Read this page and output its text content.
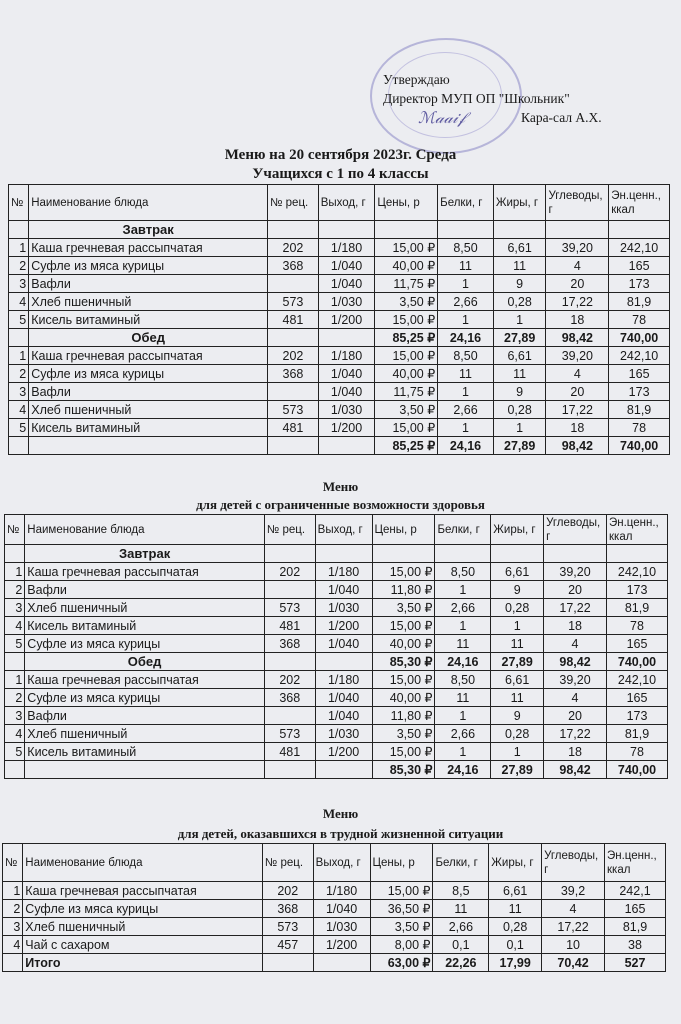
ℳ𝒶𝒶𝒾𝒻
Утверждаю
Директор МУП ОП "Школьник"
Кара-сал А.Х.
Меню на 20 сентября 2023г. Среда
Учащихся с 1 по 4 классы
№	Наименование блюда	№ рец.	Выход, г	Цены, р	Белки, г	Жиры, г	Углеводы, г	Эн.ценн., ккал
	Завтрак							
1	Каша гречневая рассыпчатая	202	1/180	15,00 ₽	8,50	6,61	39,20	242,10
2	Суфле из мяса курицы	368	1/040	40,00 ₽	11	11	4	165
3	Вафли		1/040	11,75 ₽	1	9	20	173
4	Хлеб пшеничный	573	1/030	3,50 ₽	2,66	0,28	17,22	81,9
5	Кисель витаминый	481	1/200	15,00 ₽	1	1	18	78
	Обед			85,25 ₽	24,16	27,89	98,42	740,00
1	Каша гречневая рассыпчатая	202	1/180	15,00 ₽	8,50	6,61	39,20	242,10
2	Суфле из мяса курицы	368	1/040	40,00 ₽	11	11	4	165
3	Вафли		1/040	11,75 ₽	1	9	20	173
4	Хлеб пшеничный	573	1/030	3,50 ₽	2,66	0,28	17,22	81,9
5	Кисель витаминый	481	1/200	15,00 ₽	1	1	18	78
				85,25 ₽	24,16	27,89	98,42	740,00
Меню
для детей с ограниченные возможности здоровья
№	Наименование блюда	№ рец.	Выход, г	Цены, р	Белки, г	Жиры, г	Углеводы, г	Эн.ценн., ккал
	Завтрак							
1	Каша гречневая рассыпчатая	202	1/180	15,00 ₽	8,50	6,61	39,20	242,10
2	Вафли		1/040	11,80 ₽	1	9	20	173
3	Хлеб пшеничный	573	1/030	3,50 ₽	2,66	0,28	17,22	81,9
4	Кисель витаминый	481	1/200	15,00 ₽	1	1	18	78
5	Суфле из мяса курицы	368	1/040	40,00 ₽	11	11	4	165
	Обед			85,30 ₽	24,16	27,89	98,42	740,00
1	Каша гречневая рассыпчатая	202	1/180	15,00 ₽	8,50	6,61	39,20	242,10
2	Суфле из мяса курицы	368	1/040	40,00 ₽	11	11	4	165
3	Вафли		1/040	11,80 ₽	1	9	20	173
4	Хлеб пшеничный	573	1/030	3,50 ₽	2,66	0,28	17,22	81,9
5	Кисель витаминый	481	1/200	15,00 ₽	1	1	18	78
				85,30 ₽	24,16	27,89	98,42	740,00
Меню
для детей, оказавшихся в трудной жизненной ситуации
№	Наименование блюда	№ рец.	Выход, г	Цены, р	Белки, г	Жиры, г	Углеводы, г	Эн.ценн., ккал
1	Каша гречневая рассыпчатая	202	1/180	15,00 ₽	8,5	6,61	39,2	242,1
2	Суфле из мяса курицы	368	1/040	36,50 ₽	11	11	4	165
3	Хлеб пшеничный	573	1/030	3,50 ₽	2,66	0,28	17,22	81,9
4	Чай с сахаром	457	1/200	8,00 ₽	0,1	0,1	10	38
	Итого			63,00 ₽	22,26	17,99	70,42	527
